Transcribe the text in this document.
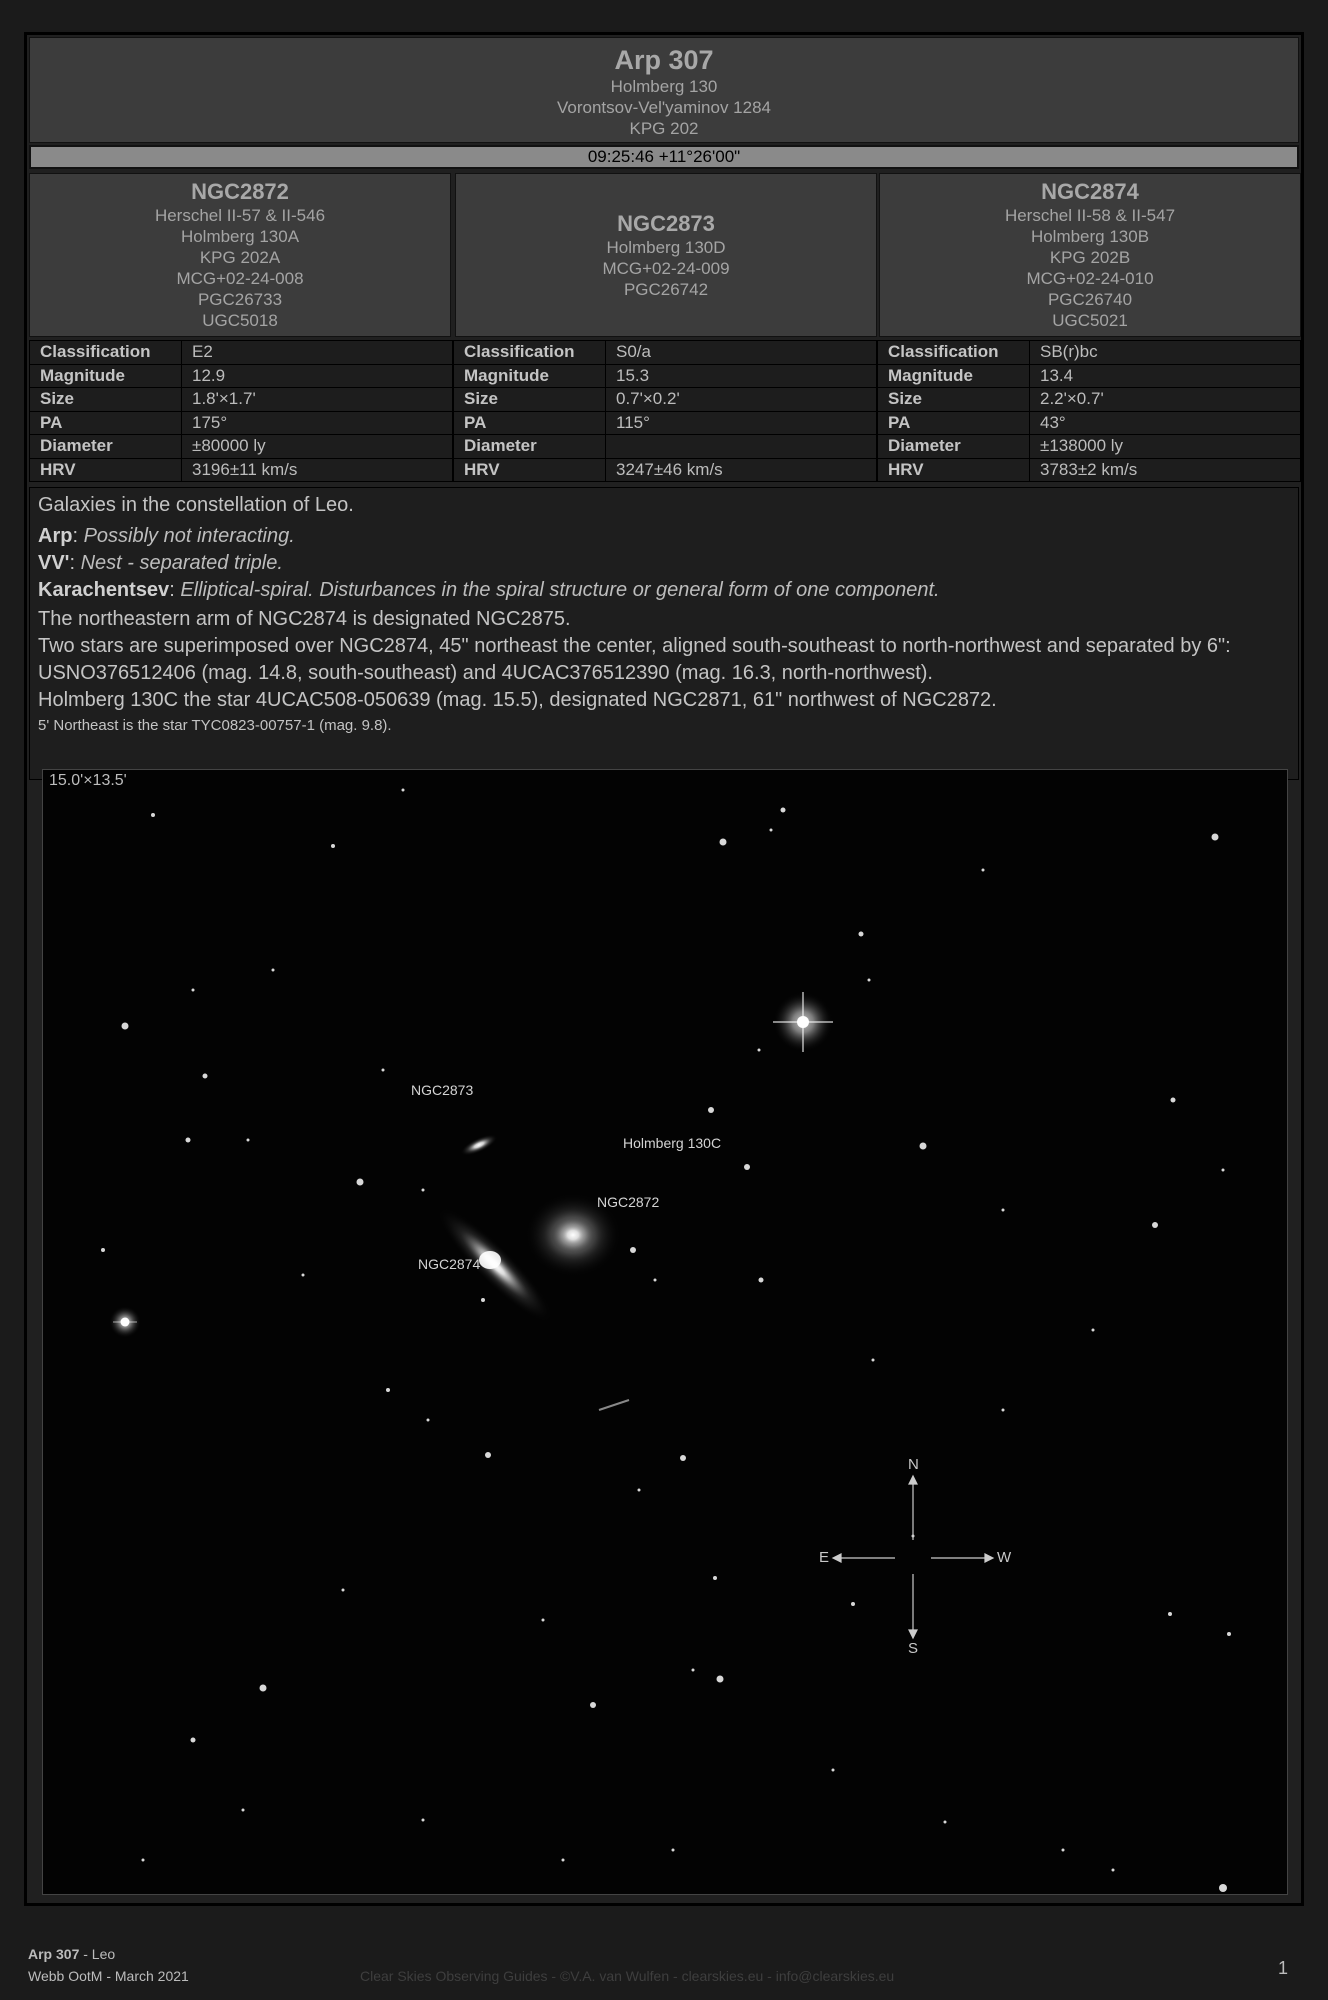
Arp 307
Holmberg 130
Vorontsov-Vel'yaminov 1284
KPG 202
09:25:46 +11°26'00"
NGC2872
Herschel II-57 & II-546
Holmberg 130A
KPG 202A
MCG+02-24-008
PGC26733
UGC5018
NGC2873
Holmberg 130D
MCG+02-24-009
PGC26742
NGC2874
Herschel II-58 & II-547
Holmberg 130B
KPG 202B
MCG+02-24-010
PGC26740
UGC5021
Classification	E2
Magnitude	12.9
Size	1.8'×1.7'
PA	175°
Diameter	±80000 ly
HRV	3196±11 km/s
Classification	S0/a
Magnitude	15.3
Size	0.7'×0.2'
PA	115°
Diameter	
HRV	3247±46 km/s
Classification	SB(r)bc
Magnitude	13.4
Size	2.2'×0.7'
PA	43°
Diameter	±138000 ly
HRV	3783±2 km/s
Galaxies in the constellation of Leo.
Arp: Possibly not interacting.
VV': Nest - separated triple.
Karachentsev: Elliptical-spiral. Disturbances in the spiral structure or general form of one component.
The northeastern arm of NGC2874 is designated NGC2875.
Two stars are superimposed over NGC2874, 45" northeast the center, aligned south-southeast to north-northwest and separated by 6": USNO376512406 (mag. 14.8, south-southeast) and 4UCAC376512390 (mag. 16.3, north-northwest).
Holmberg 130C the star 4UCAC508-050639 (mag. 15.5), designated NGC2871, 61" northwest of NGC2872.
5' Northeast is the star TYC0823-00757-1 (mag. 9.8).
15.0'×13.5'
NGC2873
Holmberg 130C
NGC2872
NGC2874
N
S
E	W
Arp 307 - Leo
Webb OotM - March 2021	Clear Skies Observing Guides - ©V.A. van Wulfen - clearskies.eu - info@clearskies.eu	1
